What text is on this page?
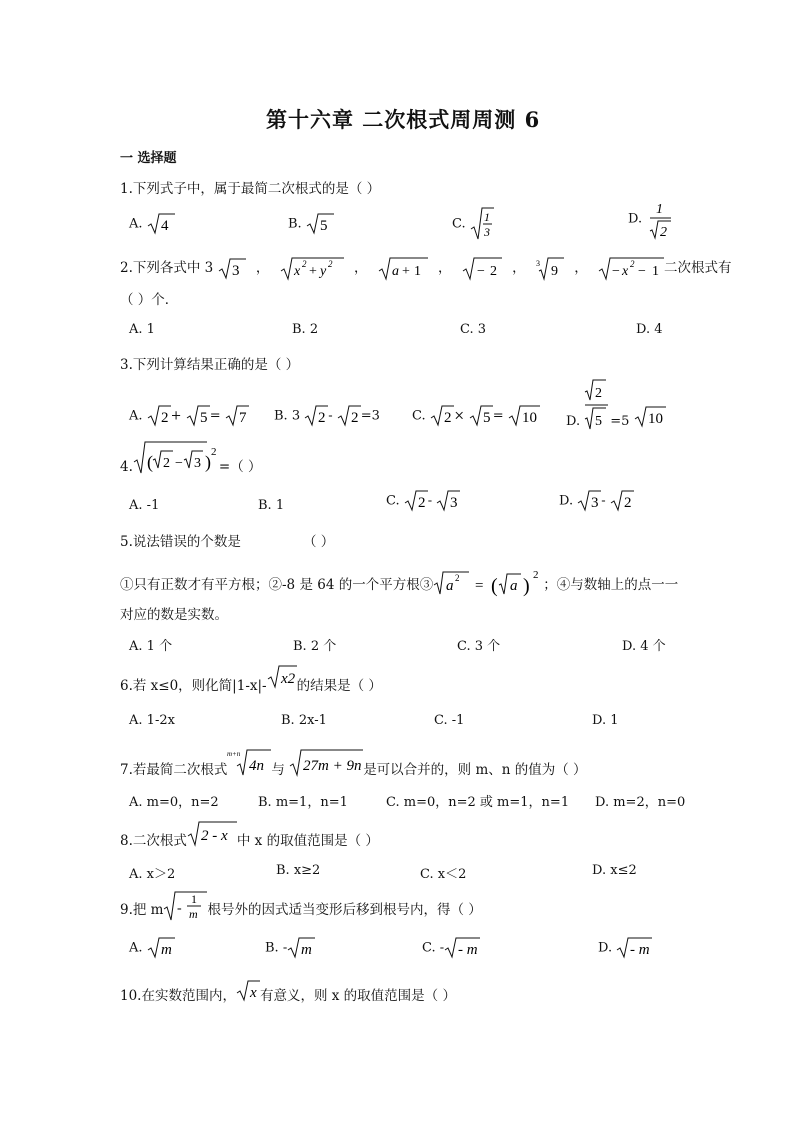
第十六章 二次根式周周测 6
一 选择题
1.下列式子中，属于最简二次根式的是（ ）
A. 4	B. 5	C. 1
3
D.
1
2
2.下列各式中 3 3 ， x 2 + y 2 ， a + 1 ， − 2 ， 3
9 ， − x 2 − 1 二次根式有
（ ）个．
A. 1	B. 2	C. 3	D. 4
3.下列计算结果正确的是（ ）
A. 2 + 5 = 7 B. 3 2 - 2 =3 C. 2 × 5 = 10 D.
2
5 =5 10
4. ( 2 − 3 ) 2
=（ ）
A. -1	B. 1	C. 2 - 3	D. 3 - 2
5.说法错误的个数是	（ ）
①只有正数才有平方根；②-8 是 64 的一个平方根③ a 2 = ( a ) 2
；④与数轴上的点一一
对应的数是实数。
A. 1 个	B. 2 个	C. 3 个	D. 4 个
6.若 x≤0，则化简|1-x|- x2 的结果是（ ）
A. 1-2x	B. 2x-1	C. -1	D. 1
7.若最简二次根式
m+n
4n 与 27m + 9n 是可以合并的，则 m、n 的值为（ ）
A. m=0，n=2	B. m=1，n=1	C. m=0，n=2 或 m=1，n=1 D. m=2，n=0
8.二次根式 2 - x 中 x 的取值范围是（ ）
A. x＞2	B. x≥2	C. x＜2	D. x≤2
9.把 m -
1
m 根号外的因式适当变形后移到根号内，得（ ）
A. m	B. - m	C. - - m	D. - m
10.在实数范围内， x 有意义，则 x 的取值范围是（ ）
